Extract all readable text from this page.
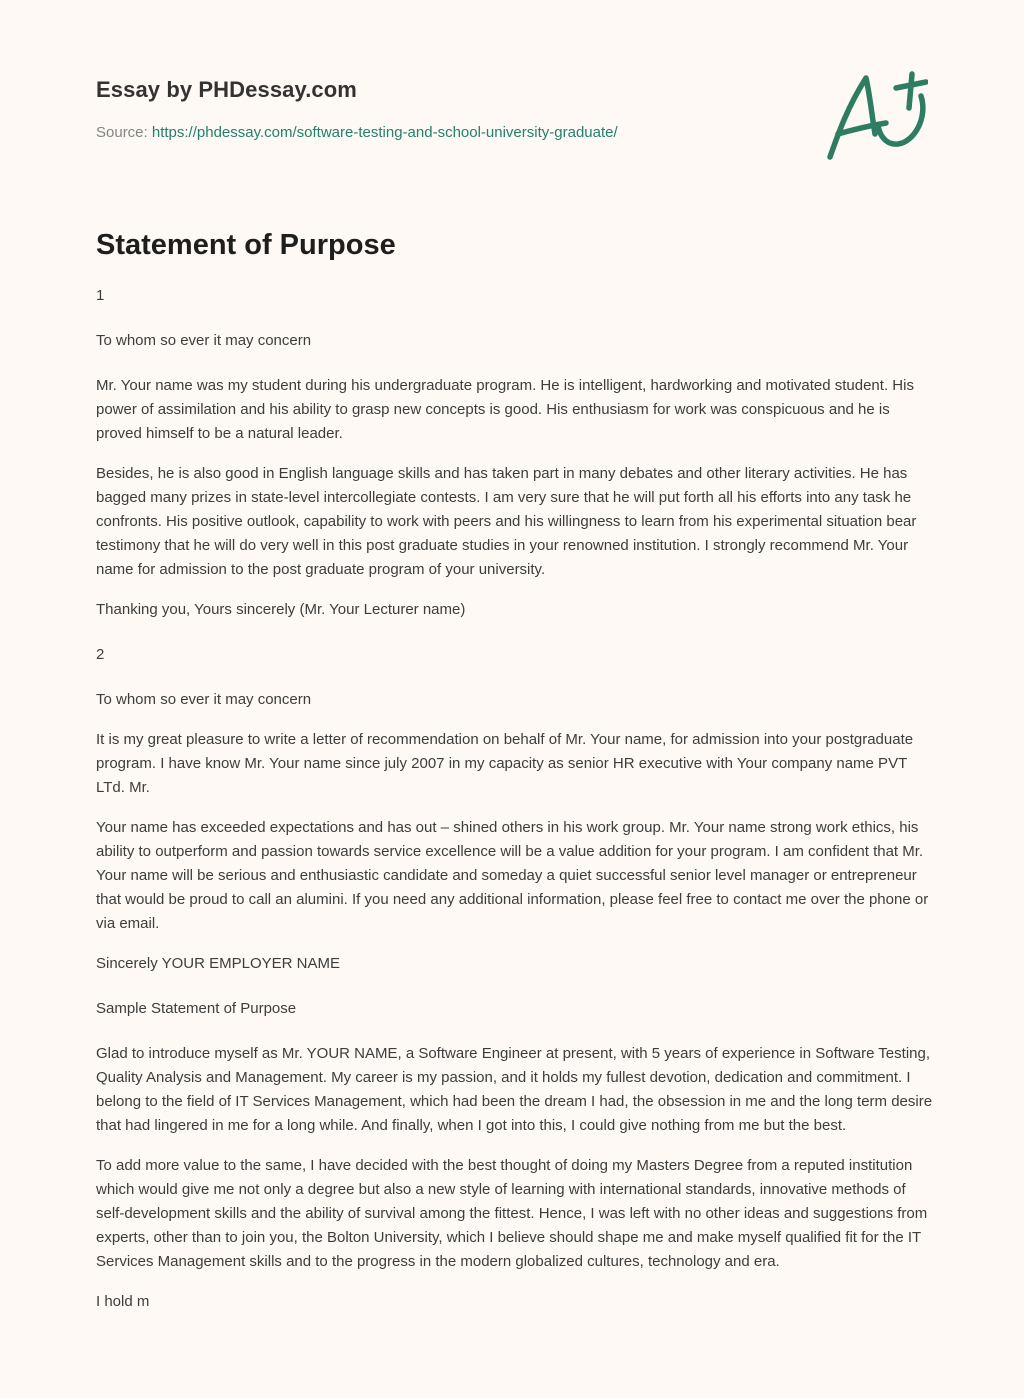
Essay by PHDessay.com
Source: https://phdessay.com/software-testing-and-school-university-graduate/
Statement of Purpose

1

To whom so ever it may concern

Mr. Your name was my student during his undergraduate program. He is intelligent, hardworking and motivated student. His power of assimilation and his ability to grasp new concepts is good. His enthusiasm for work was conspicuous and he is proved himself to be a natural leader.

Besides, he is also good in English language skills and has taken part in many debates and other literary activities. He has bagged many prizes in state-level intercollegiate contests. I am very sure that he will put forth all his efforts into any task he confronts. His positive outlook, capability to work with peers and his willingness to learn from his experimental situation bear testimony that he will do very well in this post graduate studies in your renowned institution. I strongly recommend Mr. Your name for admission to the post graduate program of your university.

Thanking you, Yours sincerely (Mr. Your Lecturer name)

2

To whom so ever it may concern

It is my great pleasure to write a letter of recommendation on behalf of Mr. Your name, for admission into your postgraduate program. I have know Mr. Your name since july 2007 in my capacity as senior HR executive with Your company name PVT LTd. Mr.

Your name has exceeded expectations and has out – shined others in his work group. Mr. Your name strong work ethics, his ability to outperform and passion towards service excellence will be a value addition for your program. I am confident that Mr. Your name will be serious and enthusiastic candidate and someday a quiet successful senior level manager or entrepreneur that would be proud to call an alumini. If you need any additional information, please feel free to contact me over the phone or via email.

Sincerely YOUR EMPLOYER NAME

Sample Statement of Purpose

Glad to introduce myself as Mr. YOUR NAME, a Software Engineer at present, with 5 years of experience in Software Testing, Quality Analysis and Management. My career is my passion, and it holds my fullest devotion, dedication and commitment. I belong to the field of IT Services Management, which had been the dream I had, the obsession in me and the long term desire that had lingered in me for a long while. And finally, when I got into this, I could give nothing from me but the best.

To add more value to the same, I have decided with the best thought of doing my Masters Degree from a reputed institution which would give me not only a degree but also a new style of learning with international standards, innovative methods of self-development skills and the ability of survival among the fittest. Hence, I was left with no other ideas and suggestions from experts, other than to join you, the Bolton University, which I believe should shape me and make myself qualified fit for the IT Services Management skills and to the progress in the modern globalized cultures, technology and era.

I hold m
